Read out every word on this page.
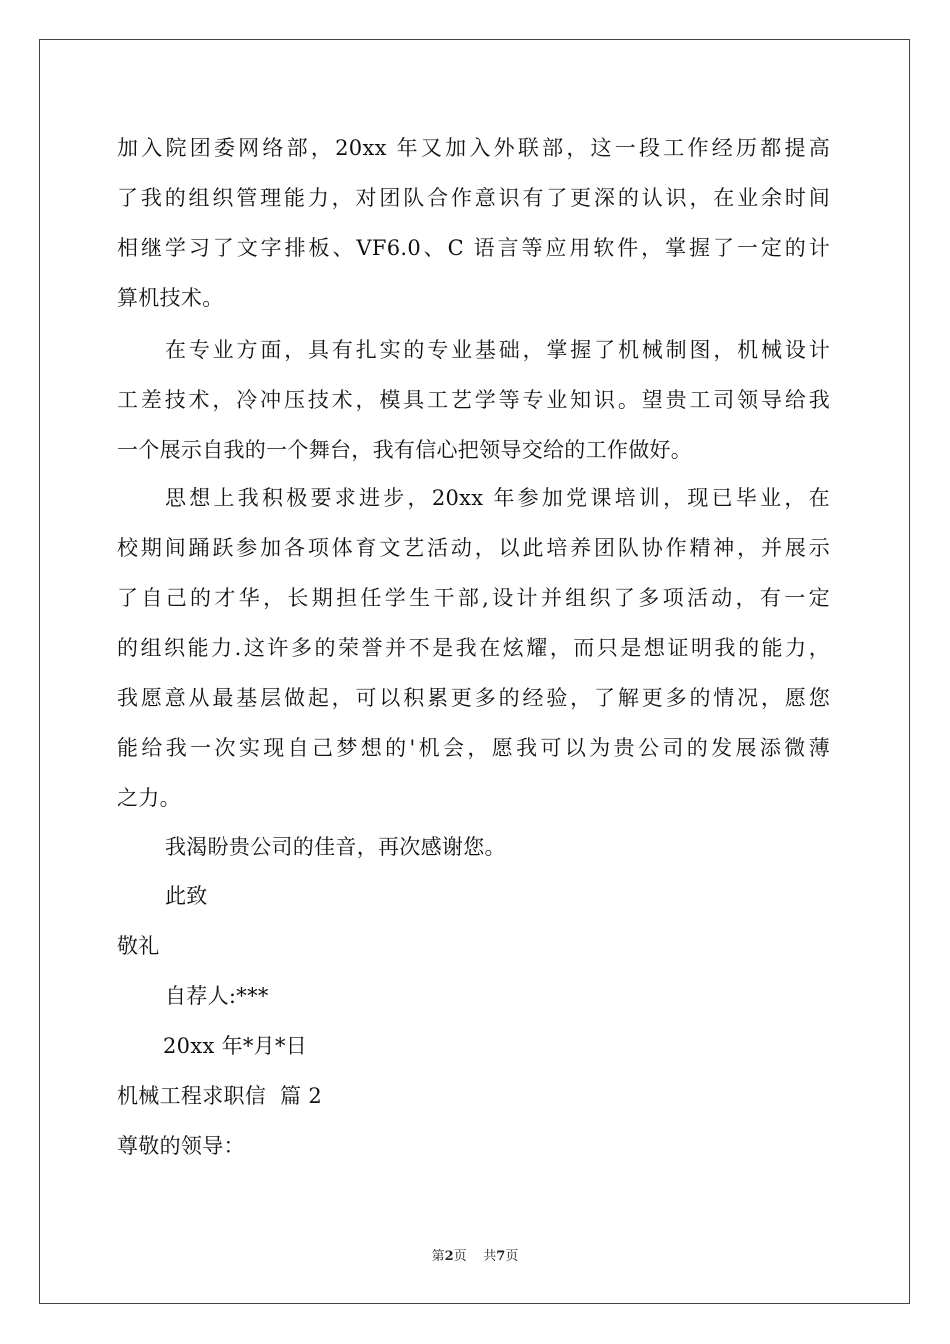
加入院团委网络部，20xx 年又加入外联部，这一段工作经历都提高
了我的组织管理能力，对团队合作意识有了更深的认识，在业余时间
相继学习了文字排板、VF6.0、C 语言等应用软件，掌握了一定的计
算机技术。
在专业方面，具有扎实的专业基础，掌握了机械制图，机械设计
工差技术，冷冲压技术，模具工艺学等专业知识。望贵工司领导给我
一个展示自我的一个舞台，我有信心把领导交给的工作做好。
思想上我积极要求进步，20xx 年参加党课培训，现已毕业，在
校期间踊跃参加各项体育文艺活动，以此培养团队协作精神，并展示
了自己的才华，长期担任学生干部,设计并组织了多项活动，有一定
的组织能力.这许多的荣誉并不是我在炫耀，而只是想证明我的能力，
我愿意从最基层做起，可以积累更多的经验，了解更多的情况，愿您
能给我一次实现自己梦想的'机会，愿我可以为贵公司的发展添微薄
之力。
我渴盼贵公司的佳音，再次感谢您。
此致
敬礼
自荐人:***
20xx 年*月*日
机械工程求职信  篇 2
尊敬的领导：
第2页 共7页
